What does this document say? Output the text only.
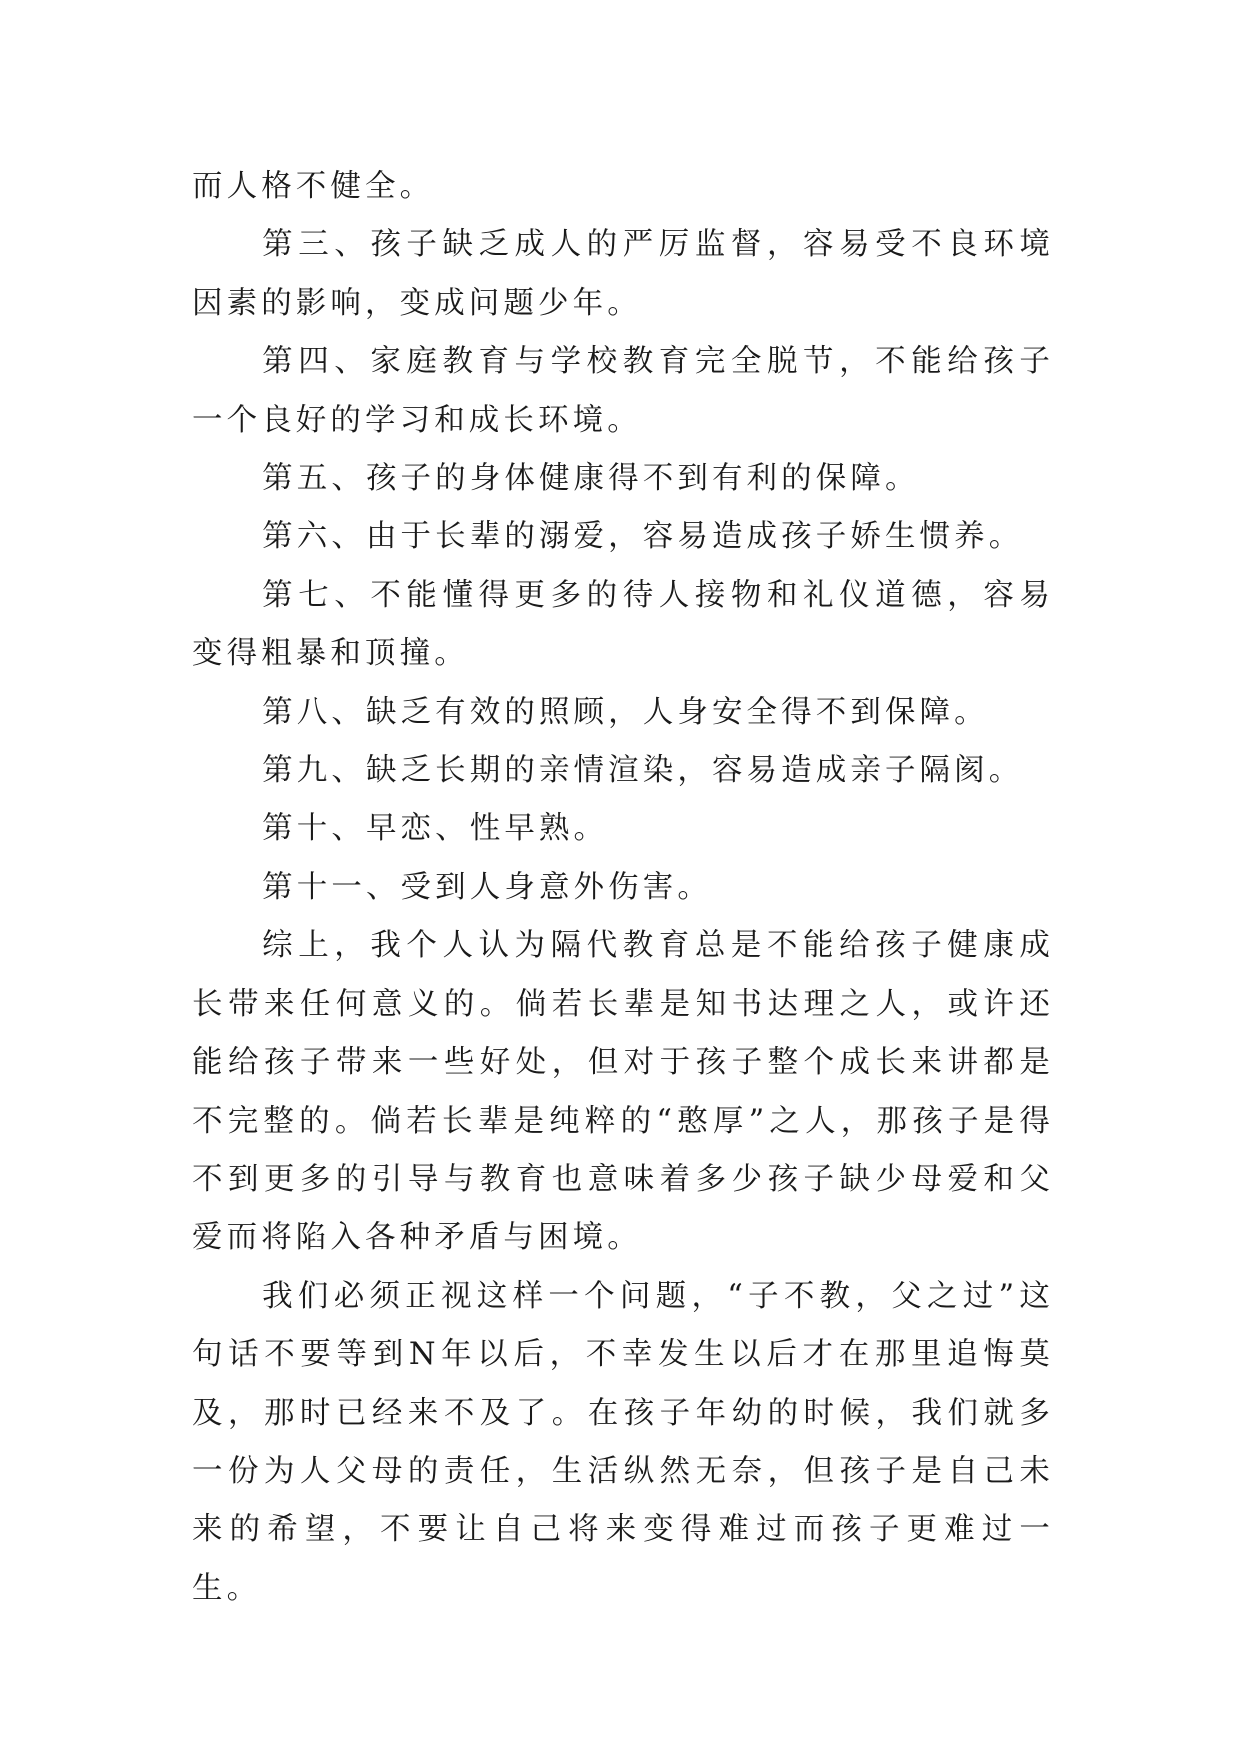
而人格不健全。

第三、孩子缺乏成人的严厉监督，容易受不良环境因素的影响，变成问题少年。

第四、家庭教育与学校教育完全脱节，不能给孩子一个良好的学习和成长环境。

第五、孩子的身体健康得不到有利的保障。

第六、由于长辈的溺爱，容易造成孩子娇生惯养。

第七、不能懂得更多的待人接物和礼仪道德，容易变得粗暴和顶撞。

第八、缺乏有效的照顾，人身安全得不到保障。

第九、缺乏长期的亲情渲染，容易造成亲子隔阂。

第十、早恋、性早熟。

第十一、受到人身意外伤害。

综上，我个人认为隔代教育总是不能给孩子健康成长带来任何意义的。倘若长辈是知书达理之人，或许还能给孩子带来一些好处，但对于孩子整个成长来讲都是不完整的。倘若长辈是纯粹的“憨厚”之人，那孩子是得不到更多的引导与教育也意味着多少孩子缺少母爱和父爱而将陷入各种矛盾与困境。

我们必须正视这样一个问题，“子不教，父之过”这句话不要等到N年以后，不幸发生以后才在那里追悔莫及，那时已经来不及了。在孩子年幼的时候，我们就多一份为人父母的责任，生活纵然无奈，但孩子是自己未来的希望，不要让自己将来变得难过而孩子更难过一生。
